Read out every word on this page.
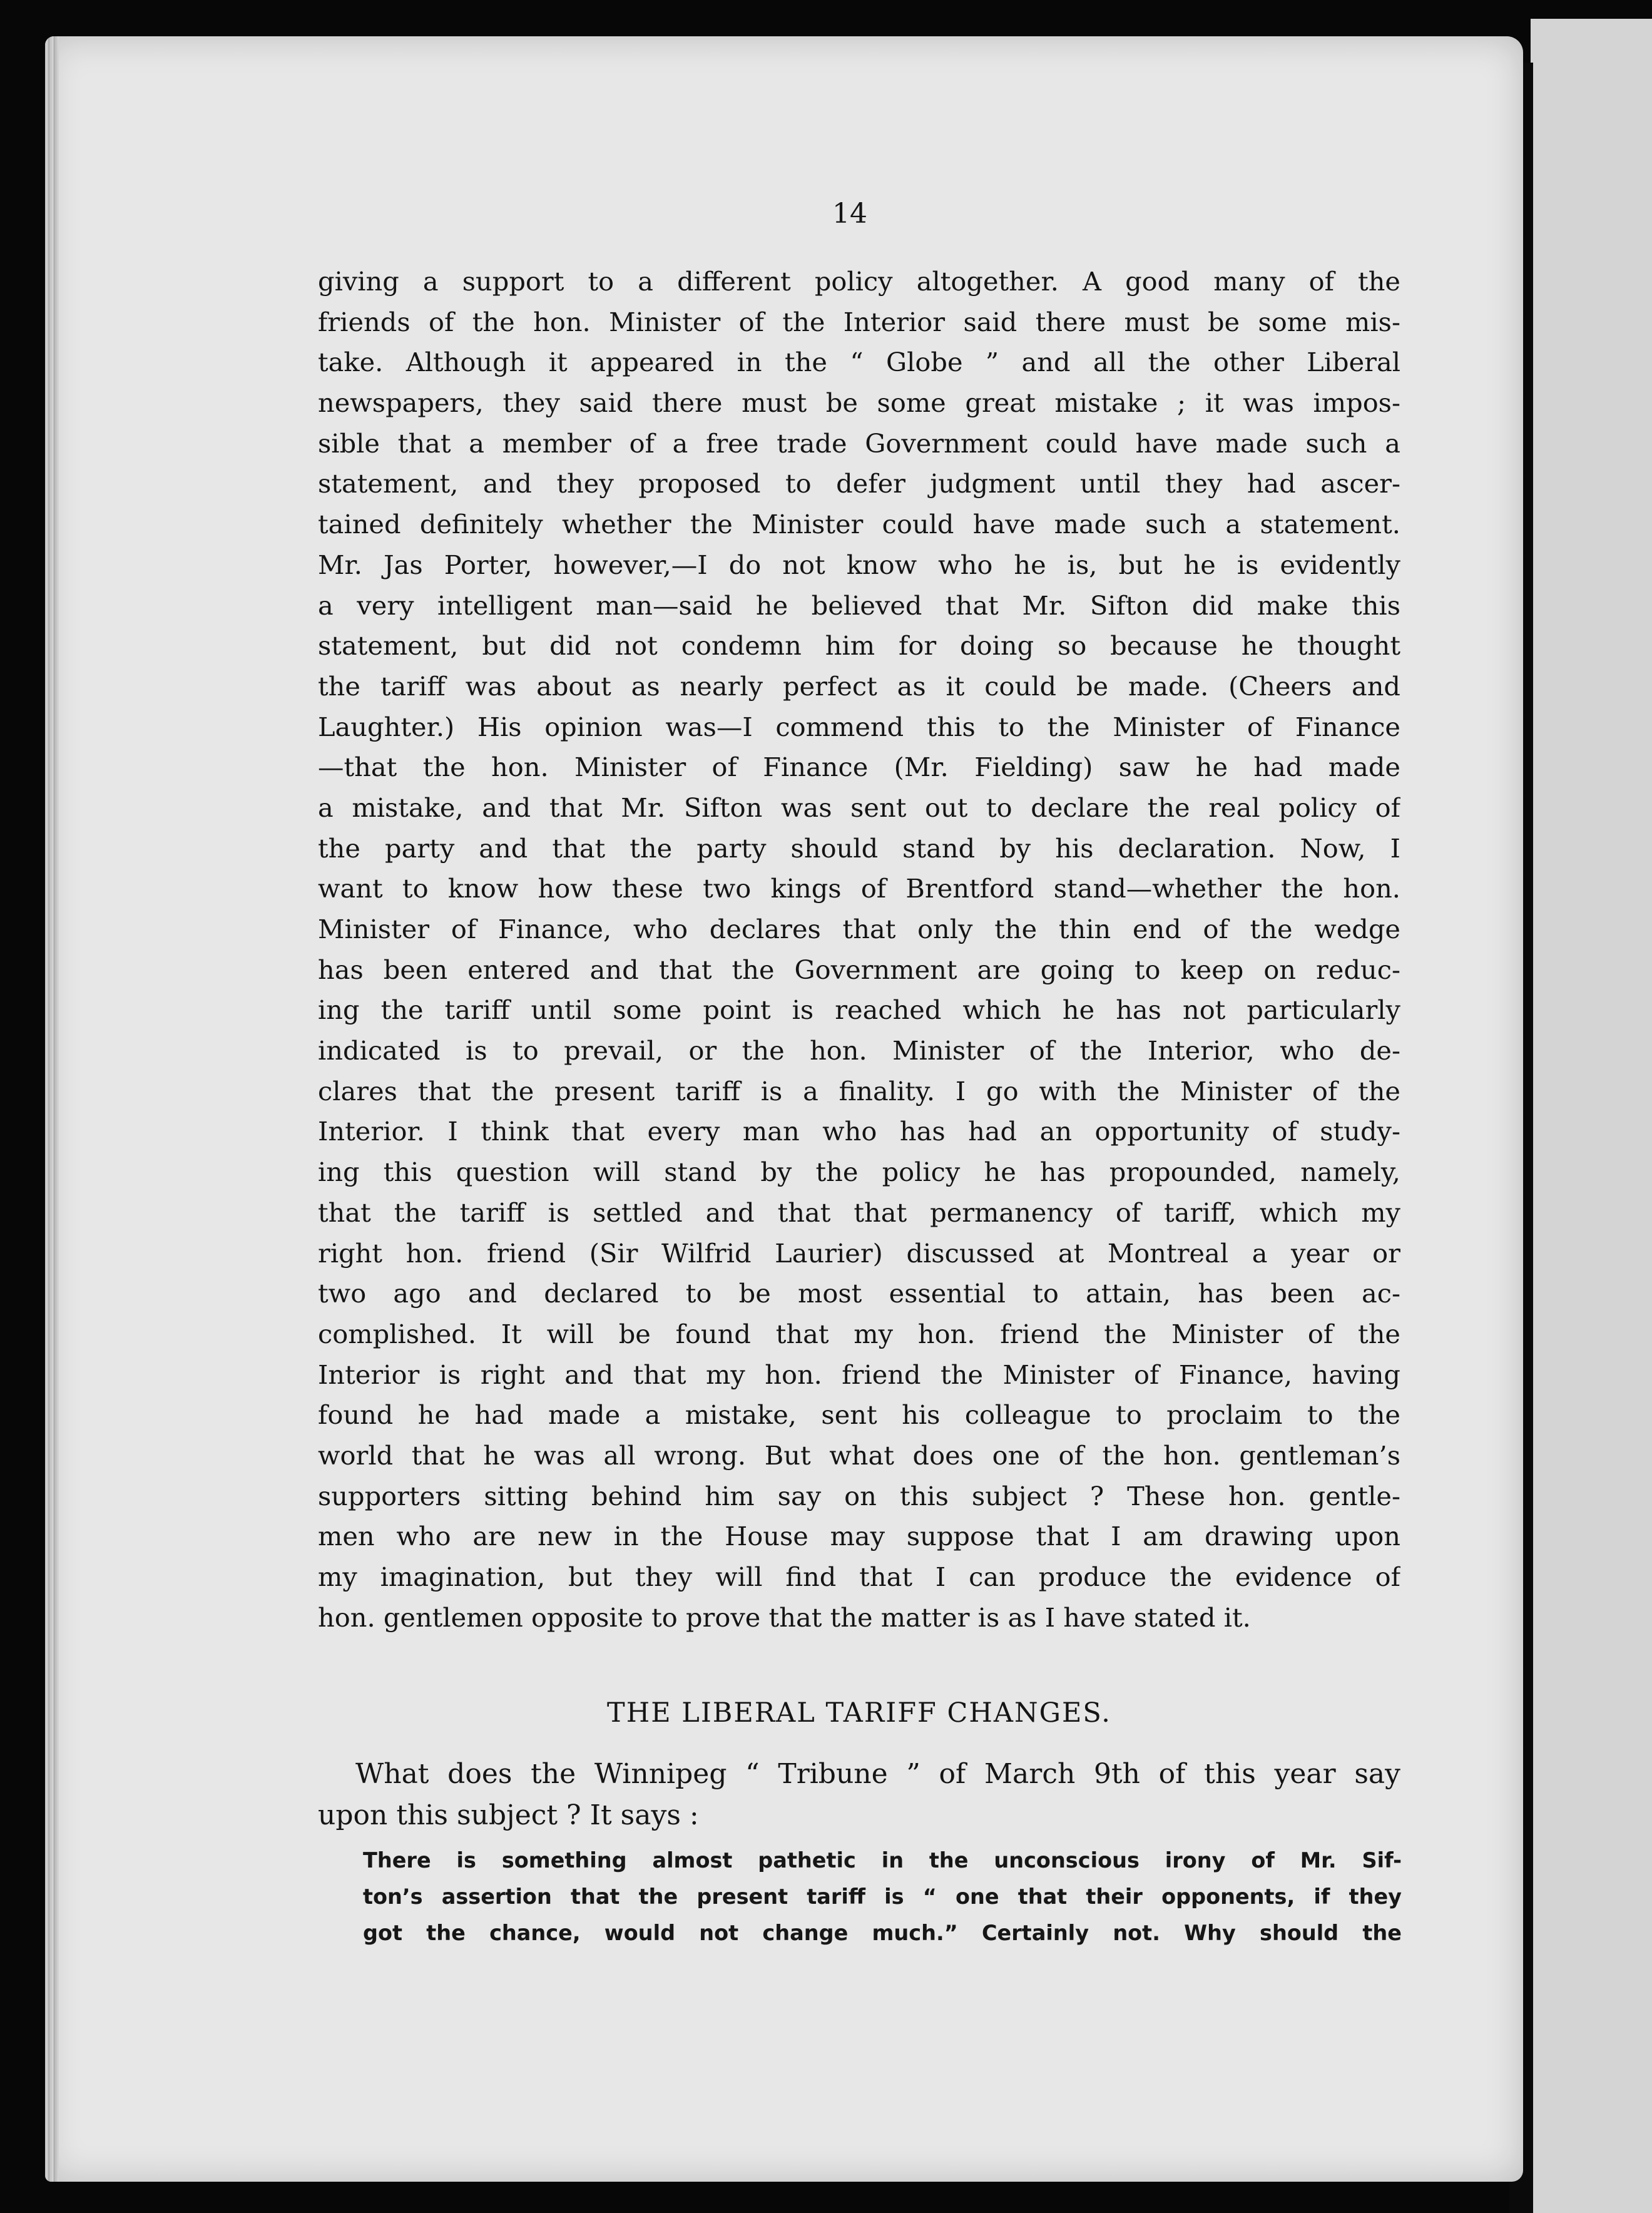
14
giving a support to a different policy altogether. A good many of the
friends of the hon. Minister of the Interior said there must be some mis-
take. Although it appeared in the “ Globe ” and all the other Liberal
newspapers, they said there must be some great mistake ; it was impos-
sible that a member of a free trade Government could have made such a
statement, and they proposed to defer judgment until they had ascer-
tained definitely whether the Minister could have made such a statement.
Mr. Jas Porter, however,—I do not know who he is, but he is evidently
a very intelligent man—said he believed that Mr. Sifton did make this
statement, but did not condemn him for doing so because he thought
the tariff was about as nearly perfect as it could be made. (Cheers and
Laughter.) His opinion was—I commend this to the Minister of Finance
—that the hon. Minister of Finance (Mr. Fielding) saw he had made
a mistake, and that Mr. Sifton was sent out to declare the real policy of
the party and that the party should stand by his declaration. Now, I
want to know how these two kings of Brentford stand—whether the hon.
Minister of Finance, who declares that only the thin end of the wedge
has been entered and that the Government are going to keep on reduc-
ing the tariff until some point is reached which he has not particularly
indicated is to prevail, or the hon. Minister of the Interior, who de-
clares that the present tariff is a finality. I go with the Minister of the
Interior. I think that every man who has had an opportunity of study-
ing this question will stand by the policy he has propounded, namely,
that the tariff is settled and that that permanency of tariff, which my
right hon. friend (Sir Wilfrid Laurier) discussed at Montreal a year or
two ago and declared to be most essential to attain, has been ac-
complished. It will be found that my hon. friend the Minister of the
Interior is right and that my hon. friend the Minister of Finance, having
found he had made a mistake, sent his colleague to proclaim to the
world that he was all wrong. But what does one of the hon. gentleman’s
supporters sitting behind him say on this subject ? These hon. gentle-
men who are new in the House may suppose that I am drawing upon
my imagination, but they will find that I can produce the evidence of
hon. gentlemen opposite to prove that the matter is as I have stated it.
THE LIBERAL TARIFF CHANGES.
What does the Winnipeg “ Tribune ” of March 9th of this year say
upon this subject ? It says :
There is something almost pathetic in the unconscious irony of Mr. Sif-
ton’s assertion that the present tariff is “ one that their opponents, if they
got the chance, would not change much.” Certainly not. Why should the
